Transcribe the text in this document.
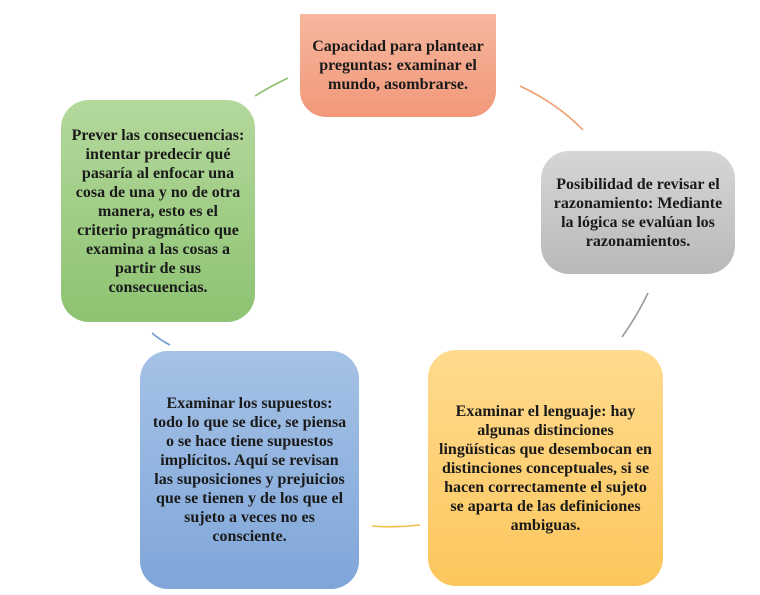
Capacidad para plantear preguntas: examinar el mundo, asombrarse.
Posibilidad de revisar el razonamiento: Mediante la lógica se evalúan los razonamientos.
Examinar el lenguaje: hay algunas distinciones lingüísticas que desembocan en distinciones conceptuales, si se hacen correctamente el sujeto se aparta de las definiciones ambiguas.
Examinar los supuestos: todo lo que se dice, se piensa o se hace tiene supuestos implícitos. Aquí se revisan las suposiciones y prejuicios que se tienen y de los que el sujeto a veces no es consciente.
Prever las consecuencias: intentar predecir qué pasaría al enfocar una cosa de una y no de otra manera, esto es el criterio pragmático que examina a las cosas a partir de sus consecuencias.
